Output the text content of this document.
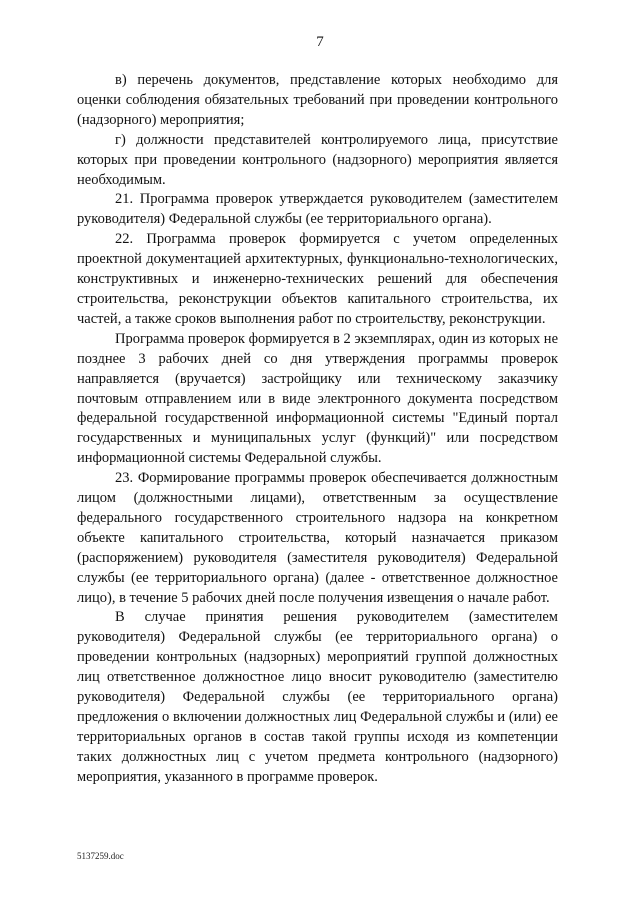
7

в) перечень документов, представление которых необходимо для оценки соблюдения обязательных требований при проведении контрольного (надзорного) мероприятия;

г) должности представителей контролируемого лица, присутствие которых при проведении контрольного (надзорного) мероприятия является необходимым.

21. Программа проверок утверждается руководителем (заместителем руководителя) Федеральной службы (ее территориального органа).

22. Программа проверок формируется с учетом определенных проектной документацией архитектурных, функционально-технологических, конструктивных и инженерно-технических решений для обеспечения строительства, реконструкции объектов капитального строительства, их частей, а также сроков выполнения работ по строительству, реконструкции.

Программа проверок формируется в 2 экземплярах, один из которых не позднее 3 рабочих дней со дня утверждения программы проверок направляется (вручается) застройщику или техническому заказчику почтовым отправлением или в виде электронного документа посредством федеральной государственной информационной системы "Единый портал государственных и муниципальных услуг (функций)" или посредством информационной системы Федеральной службы.

23. Формирование программы проверок обеспечивается должностным лицом (должностными лицами), ответственным за осуществление федерального государственного строительного надзора на конкретном объекте капитального строительства, который назначается приказом (распоряжением) руководителя (заместителя руководителя) Федеральной службы (ее территориального органа) (далее - ответственное должностное лицо), в течение 5 рабочих дней после получения извещения о начале работ.

В случае принятия решения руководителем (заместителем руководителя) Федеральной службы (ее территориального органа) о проведении контрольных (надзорных) мероприятий группой должностных лиц ответственное должностное лицо вносит руководителю (заместителю руководителя) Федеральной службы (ее территориального органа) предложения о включении должностных лиц Федеральной службы и (или) ее территориальных органов в состав такой группы исходя из компетенции таких должностных лиц с учетом предмета контрольного (надзорного) мероприятия, указанного в программе проверок.

5137259.doc
